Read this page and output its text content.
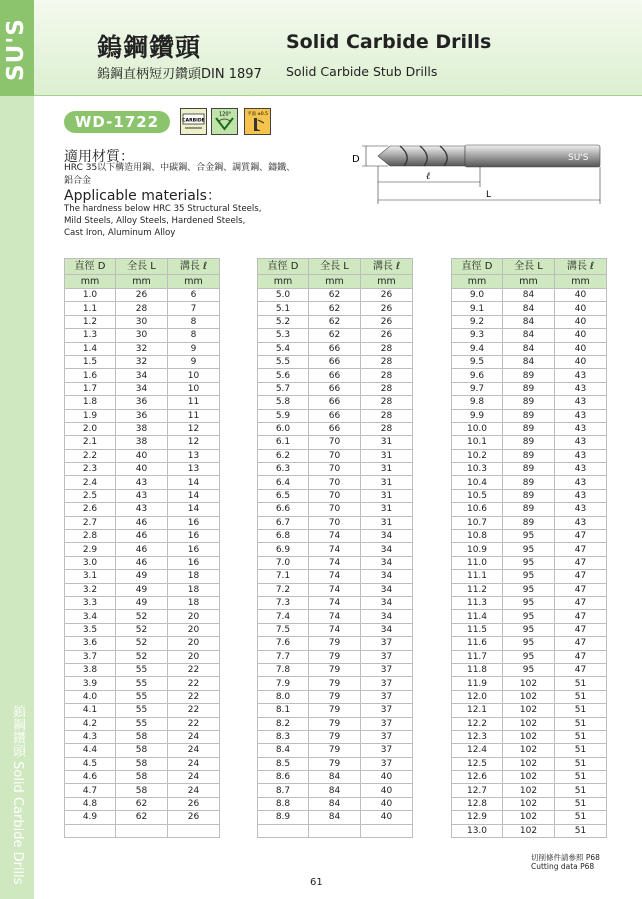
SU'S
鎢鋼鑽頭 Solid Carbide Drills
鎢鋼鑽頭	Solid Carbide Drills
鎢鋼直柄短刃鑽頭DIN 1897 Solid Carbide Stub Drills
WD-1722	CARBIDE
120°	平面 ±0.5
適用材質：
HRC 35以下構造用鋼、中碳鋼、合金鋼、調質鋼、鑄鐵、鋁合金
Applicable materials：
The hardness below HRC 35 Structural Steels,
Mild Steels, Alloy Steels, Hardened Steels,
Cast Iron, Aluminum Alloy
D	SU'S
ℓ
L
直徑 D	全長 L	溝長 ℓ
mm	mm	mm
1.0	26	6
1.1	28	7
1.2	30	8
1.3	30	8
1.4	32	9
1.5	32	9
1.6	34	10
1.7	34	10
1.8	36	11
1.9	36	11
2.0	38	12
2.1	38	12
2.2	40	13
2.3	40	13
2.4	43	14
2.5	43	14
2.6	43	14
2.7	46	16
2.8	46	16
2.9	46	16
3.0	46	16
3.1	49	18
3.2	49	18
3.3	49	18
3.4	52	20
3.5	52	20
3.6	52	20
3.7	52	20
3.8	55	22
3.9	55	22
4.0	55	22
4.1	55	22
4.2	55	22
4.3	58	24
4.4	58	24
4.5	58	24
4.6	58	24
4.7	58	24
4.8	62	26
4.9	62	26

直徑 D	全長 L	溝長 ℓ
mm	mm	mm
5.0	62	26
5.1	62	26
5.2	62	26
5.3	62	26
5.4	66	28
5.5	66	28
5.6	66	28
5.7	66	28
5.8	66	28
5.9	66	28
6.0	66	28
6.1	70	31
6.2	70	31
6.3	70	31
6.4	70	31
6.5	70	31
6.6	70	31
6.7	70	31
6.8	74	34
6.9	74	34
7.0	74	34
7.1	74	34
7.2	74	34
7.3	74	34
7.4	74	34
7.5	74	34
7.6	79	37
7.7	79	37
7.8	79	37
7.9	79	37
8.0	79	37
8.1	79	37
8.2	79	37
8.3	79	37
8.4	79	37
8.5	79	37
8.6	84	40
8.7	84	40
8.8	84	40
8.9	84	40

直徑 D	全長 L	溝長 ℓ
mm	mm	mm
9.0	84	40
9.1	84	40
9.2	84	40
9.3	84	40
9.4	84	40
9.5	84	40
9.6	89	43
9.7	89	43
9.8	89	43
9.9	89	43
10.0	89	43
10.1	89	43
10.2	89	43
10.3	89	43
10.4	89	43
10.5	89	43
10.6	89	43
10.7	89	43
10.8	95	47
10.9	95	47
11.0	95	47
11.1	95	47
11.2	95	47
11.3	95	47
11.4	95	47
11.5	95	47
11.6	95	47
11.7	95	47
11.8	95	47
11.9	102	51
12.0	102	51
12.1	102	51
12.2	102	51
12.3	102	51
12.4	102	51
12.5	102	51
12.6	102	51
12.7	102	51
12.8	102	51
12.9	102	51
13.0	102	51
切削條件請參照 P68
Cutting data P68
61
